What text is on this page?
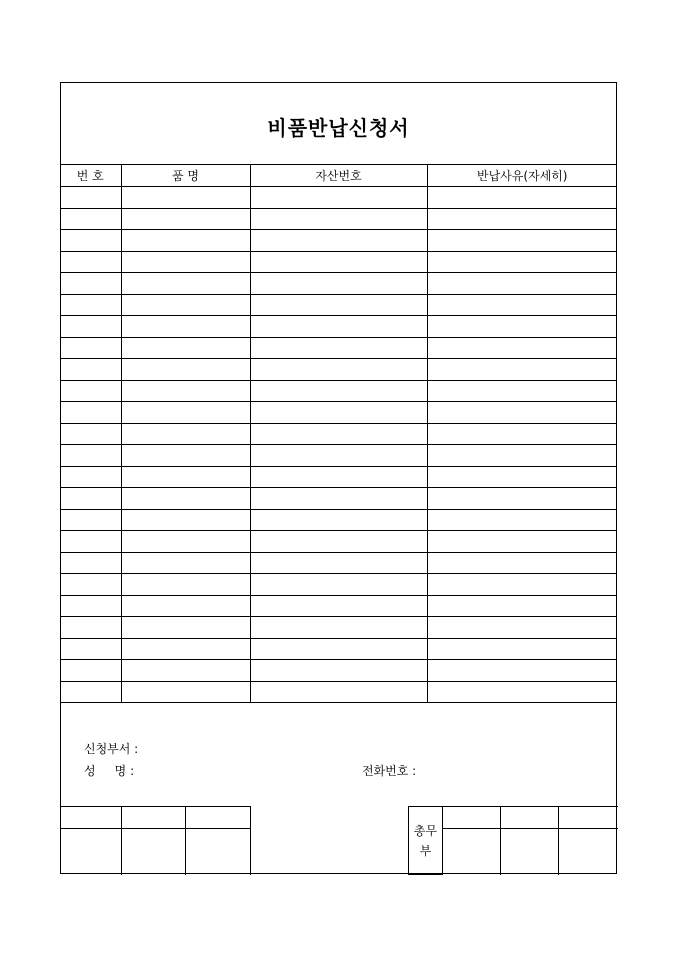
비품반납신청서
번 호	품 명	자산번호	반납사유(자세히)

신청부서 :
성     명 :	전화번호 :

총무
부			
